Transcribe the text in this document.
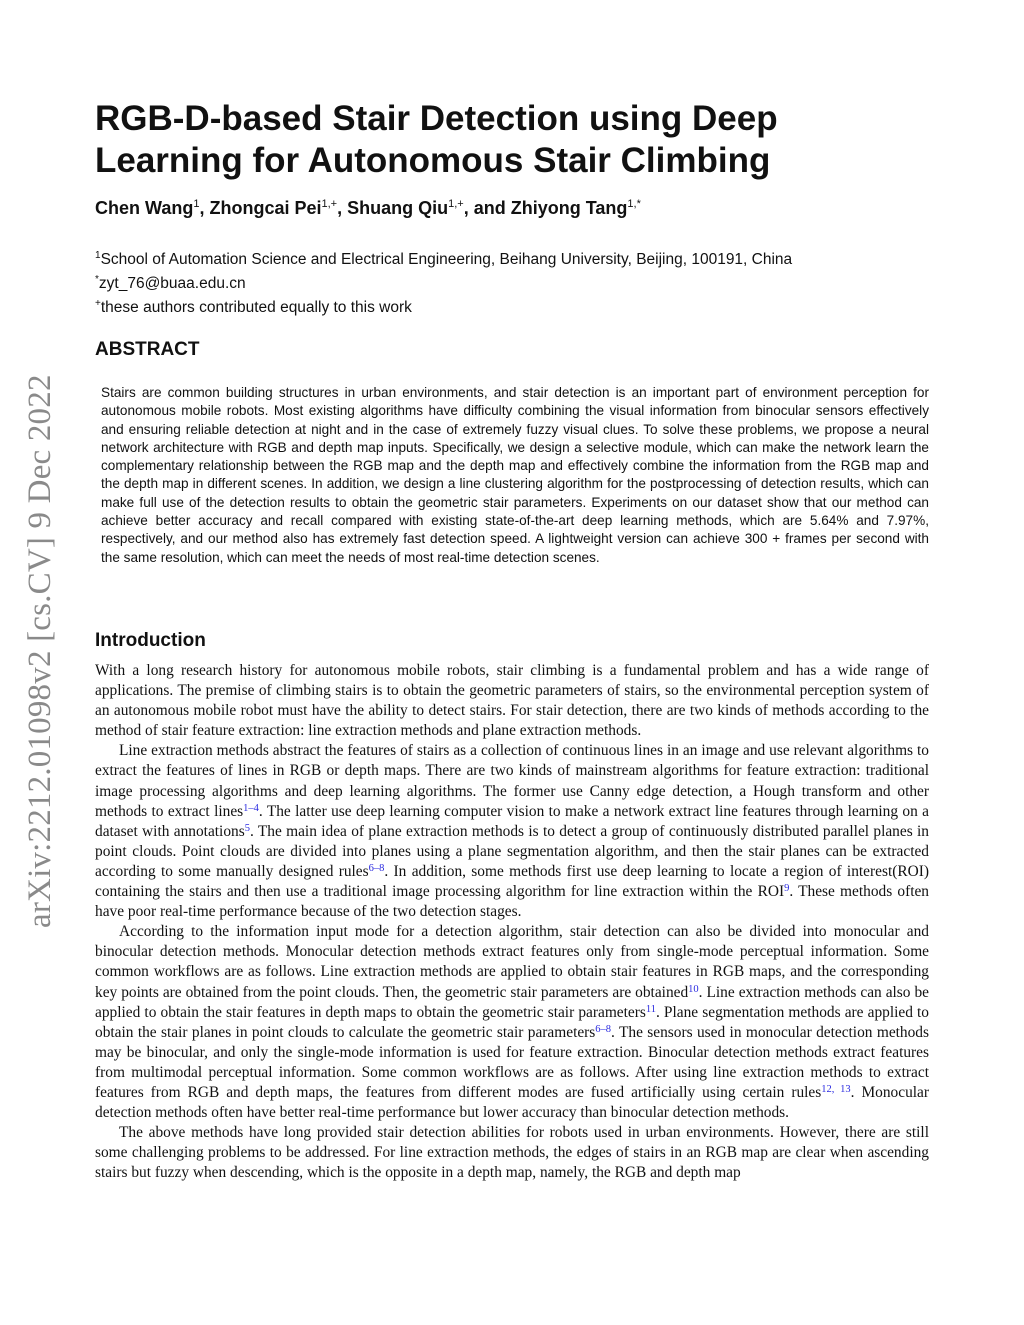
arXiv:2212.01098v2 [cs.CV] 9 Dec 2022
RGB-D-based Stair Detection using Deep Learning for Autonomous Stair Climbing
Chen Wang$^1$, Zhongcai Pei$^{1,+}$, Shuang Qiu$^{1,+}$, and Zhiyong Tang$^{1,*}$
$^1$School of Automation Science and Electrical Engineering, Beihang University, Beijing, 100191, China
*zyt_76@buaa.edu.cn
+these authors contributed equally to this work
ABSTRACT

Stairs are common building structures in urban environments, and stair detection is an important part of environment perception for autonomous mobile robots. Most existing algorithms have difficulty combining the visual information from binocular sensors effectively and ensuring reliable detection at night and in the case of extremely fuzzy visual clues. To solve these problems, we propose a neural network architecture with RGB and depth map inputs. Specifically, we design a selective module, which can make the network learn the complementary relationship between the RGB map and the depth map and effectively combine the information from the RGB map and the depth map in different scenes. In addition, we design a line clustering algorithm for the postprocessing of detection results, which can make full use of the detection results to obtain the geometric stair parameters. Experiments on our dataset show that our method can achieve better accuracy and recall compared with existing state-of-the-art deep learning methods, which are 5.64% and 7.97%, respectively, and our method also has extremely fast detection speed. A lightweight version can achieve 300 + frames per second with the same resolution, which can meet the needs of most real-time detection scenes.

Introduction

With a long research history for autonomous mobile robots, stair climbing is a fundamental problem and has a wide range of applications. The premise of climbing stairs is to obtain the geometric parameters of stairs, so the environmental perception system of an autonomous mobile robot must have the ability to detect stairs. For stair detection, there are two kinds of methods according to the method of stair feature extraction: line extraction methods and plane extraction methods.

Line extraction methods abstract the features of stairs as a collection of continuous lines in an image and use relevant algorithms to extract the features of lines in RGB or depth maps. There are two kinds of mainstream algorithms for feature extraction: traditional image processing algorithms and deep learning algorithms. The former use Canny edge detection, a Hough transform and other methods to extract lines$^{1-4}$. The latter use deep learning computer vision to make a network extract line features through learning on a dataset with annotations$^5$. The main idea of plane extraction methods is to detect a group of continuously distributed parallel planes in point clouds. Point clouds are divided into planes using a plane segmentation algorithm, and then the stair planes can be extracted according to some manually designed rules$^{6-8}$. In addition, some methods first use deep learning to locate a region of interest(ROI) containing the stairs and then use a traditional image processing algorithm for line extraction within the ROI$^9$. These methods often have poor real-time performance because of the two detection stages.

According to the information input mode for a detection algorithm, stair detection can also be divided into monocular and binocular detection methods. Monocular detection methods extract features only from single-mode perceptual information. Some common workflows are as follows. Line extraction methods are applied to obtain stair features in RGB maps, and the corresponding key points are obtained from the point clouds. Then, the geometric stair parameters are obtained$^{10}$. Line extraction methods can also be applied to obtain the stair features in depth maps to obtain the geometric stair parameters$^{11}$. Plane segmentation methods are applied to obtain the stair planes in point clouds to calculate the geometric stair parameters$^{6-8}$. The sensors used in monocular detection methods may be binocular, and only the single-mode information is used for feature extraction. Binocular detection methods extract features from multimodal perceptual information. Some common workflows are as follows. After using line extraction methods to extract features from RGB and depth maps, the features from different modes are fused artificially using certain rules$^{12, 13}$. Monocular detection methods often have better real-time performance but lower accuracy than binocular detection methods.

The above methods have long provided stair detection abilities for robots used in urban environments. However, there are still some challenging problems to be addressed. For line extraction methods, the edges of stairs in an RGB map are clear when ascending stairs but fuzzy when descending, which is the opposite in a depth map, namely, the RGB and depth map
